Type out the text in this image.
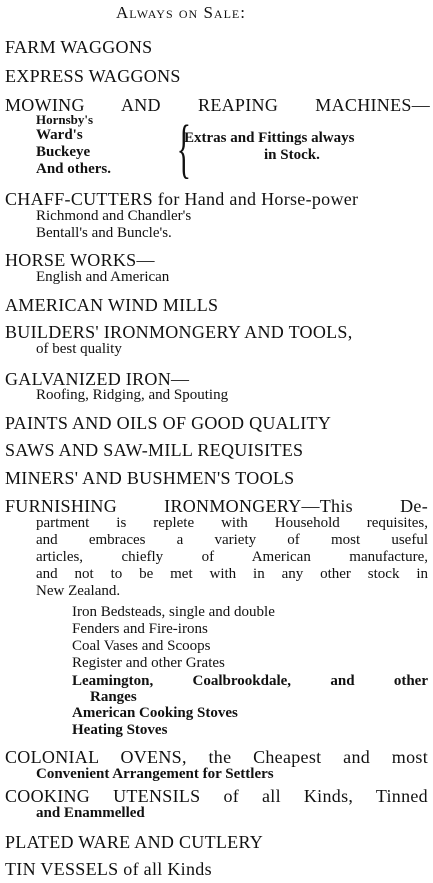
Always on Sale:
FARM WAGGONS
EXPRESS WAGGONS
MOWING AND REAPING MACHINES—
Hornsby's
Ward's
Buckeye
And others. }
Extras and Fittings always
in Stock.
CHAFF-CUTTERS for Hand and Horse-power
Richmond and Chandler's
Bentall's and Buncle's.
HORSE WORKS—
English and American
AMERICAN WIND MILLS
BUILDERS' IRONMONGERY AND TOOLS,
of best quality
GALVANIZED IRON—
Roofing, Ridging, and Spouting
PAINTS AND OILS OF GOOD QUALITY
SAWS AND SAW-MILL REQUISITES
MINERS' AND BUSHMEN'S TOOLS
FURNISHING IRONMONGERY—This De-
partment is replete with Household requisites,
and embraces a variety of most useful
articles, chiefly of American manufacture,
and not to be met with in any other stock in
New Zealand.
Iron Bedsteads, single and double
Fenders and Fire-irons
Coal Vases and Scoops
Register and other Grates
Leamington, Coalbrookdale, and other
Ranges
American Cooking Stoves
Heating Stoves
COLONIAL OVENS, the Cheapest and most
Convenient Arrangement for Settlers
COOKING UTENSILS of all Kinds, Tinned
and Enammelled
PLATED WARE AND CUTLERY
TIN VESSELS of all Kinds
